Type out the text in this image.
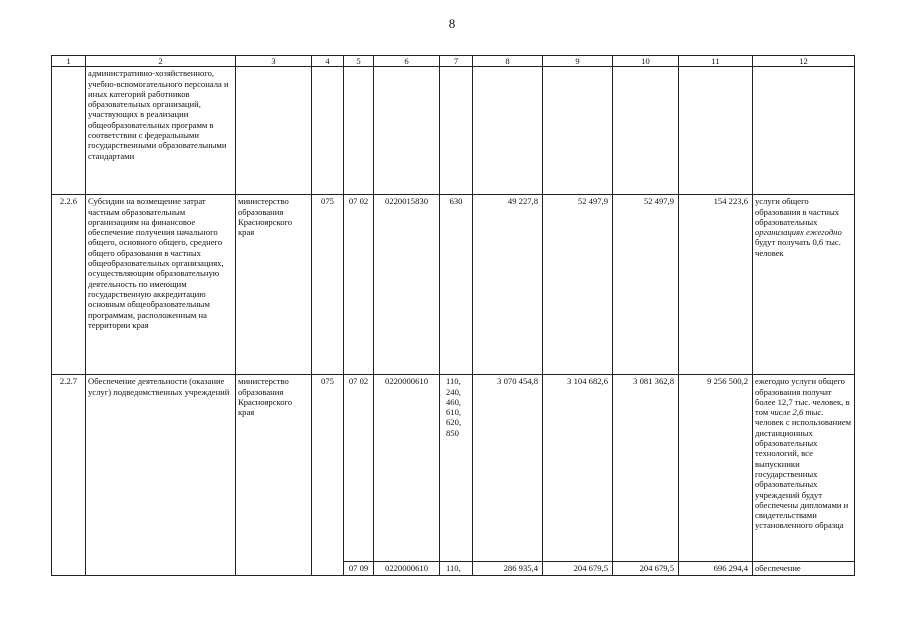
8
1	2	3	4	5	6	7	8	9	10	11	12
	административно-хозяйственного, учебно-вспомогательного персонала и иных категорий работников образовательных организаций, участвующих в реализации общеобразовательных программ в соответствии с федеральными государственными образовательными стандартами										
2.2.6	Субсидии на возмещение затрат частным образовательным организациям на финансовое обеспечение получения начального общего, основного общего, среднего общего образования в частных общеобразовательных организациях, осуществляющим образовательную деятельность по имеющим государственную аккредитацию основным общеобразовательным программам, расположенным на территории края	министерство образования Красноярского края	075	07 02	0220015830	630	49 227,8	52 497,9	52 497,9	154 223,6	услуги общего образования в частных образовательных организациях ежегодно будут получать 0,6 тыс. человек
2.2.7	Обеспечение деятельности (оказание услуг) подведомственных учреждений	министерство образования Красноярского края	075	07 02	0220000610	110, 240, 460, 610, 620, 850	3 070 454,8	3 104 682,6	3 081 362,8	9 256 500,2	ежегодно услуги общего образования получат более 12,7 тыс. человек, в том числе 2,6 тыс. человек с использованием дистанционных образовательных технологий, все выпускники государственных образовательных учреждений будут обеспечены дипломами и свидетельствами установленного образца
				07 09	0220000610	110,	286 935,4	204 679,5	204 679,5	696 294,4	обеспечение
